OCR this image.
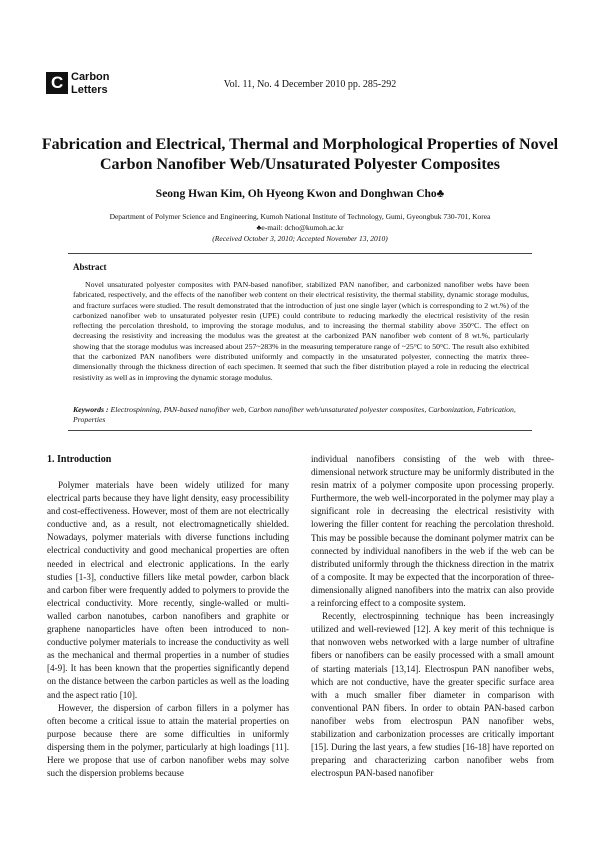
C Carbon
Letters	Vol. 11, No. 4 December 2010 pp. 285-292
Fabrication and Electrical, Thermal and Morphological Properties of Novel Carbon Nanofiber Web/Unsaturated Polyester Composites
Seong Hwan Kim, Oh Hyeong Kwon and Donghwan Cho♣
Department of Polymer Science and Engineering, Kumoh National Institute of Technology, Gumi, Gyeongbuk 730-701, Korea
♣e-mail: dcho@kumoh.ac.kr
(Received October 3, 2010; Accepted November 13, 2010)
Abstract
Novel unsaturated polyester composites with PAN-based nanofiber, stabilized PAN nanofiber, and carbonized nanofiber webs have been fabricated, respectively, and the effects of the nanofiber web content on their electrical resistivity, the thermal stability, dynamic storage modulus, and fracture surfaces were studied. The result demonstrated that the introduction of just one single layer (which is corresponding to 2 wt.%) of the carbonized nanofiber web to unsaturated polyester resin (UPE) could contribute to reducing markedly the electrical resistivity of the resin reflecting the percolation threshold, to improving the storage modulus, and to increasing the thermal stability above 350°C. The effect on decreasing the resistivity and increasing the modulus was the greatest at the carbonized PAN nanofiber web content of 8 wt.%, particularly showing that the storage modulus was increased about 257~283% in the measuring temperature range of ~25°C to 50°C. The result also exhibited that the carbonized PAN nanofibers were distributed uniformly and compactly in the unsaturated polyester, connecting the matrix three-dimensionally through the thickness direction of each specimen. It seemed that such the fiber distribution played a role in reducing the electrical resistivity as well as in improving the dynamic storage modulus.
Keywords : Electrospinning, PAN-based nanofiber web, Carbon nanofiber web/unsaturated polyester composites, Carbonization, Fabrication, Properties
1. Introduction

Polymer materials have been widely utilized for many electrical parts because they have light density, easy processibility and cost-effectiveness. However, most of them are not electrically conductive and, as a result, not electromagnetically shielded. Nowadays, polymer materials with diverse functions including electrical conductivity and good mechanical properties are often needed in electrical and electronic applications. In the early studies [1-3], conductive fillers like metal powder, carbon black and carbon fiber were frequently added to polymers to provide the electrical conductivity. More recently, single-walled or multi-walled carbon nanotubes, carbon nanofibers and graphite or graphene nanoparticles have often been introduced to non-conductive polymer materials to increase the conductivity as well as the mechanical and thermal properties in a number of studies [4-9]. It has been known that the properties significantly depend on the distance between the carbon particles as well as the loading and the aspect ratio [10].

However, the dispersion of carbon fillers in a polymer has often become a critical issue to attain the material properties on purpose because there are some difficulties in uniformly dispersing them in the polymer, particularly at high loadings [11]. Here we propose that use of carbon nanofiber webs may solve such the dispersion problems because

individual nanofibers consisting of the web with three-dimensional network structure may be uniformly distributed in the resin matrix of a polymer composite upon processing properly. Furthermore, the web well-incorporated in the polymer may play a significant role in decreasing the electrical resistivity with lowering the filler content for reaching the percolation threshold. This may be possible because the dominant polymer matrix can be connected by individual nanofibers in the web if the web can be distributed uniformly through the thickness direction in the matrix of a composite. It may be expected that the incorporation of three-dimensionally aligned nanofibers into the matrix can also provide a reinforcing effect to a composite system.

Recently, electrospinning technique has been increasingly utilized and well-reviewed [12]. A key merit of this technique is that nonwoven webs networked with a large number of ultrafine fibers or nanofibers can be easily processed with a small amount of starting materials [13,14]. Electrospun PAN nanofiber webs, which are not conductive, have the greater specific surface area with a much smaller fiber diameter in comparison with conventional PAN fibers. In order to obtain PAN-based carbon nanofiber webs from electrospun PAN nanofiber webs, stabilization and carbonization processes are critically important [15]. During the last years, a few studies [16-18] have reported on preparing and characterizing carbon nanofiber webs from electrospun PAN-based nanofiber
